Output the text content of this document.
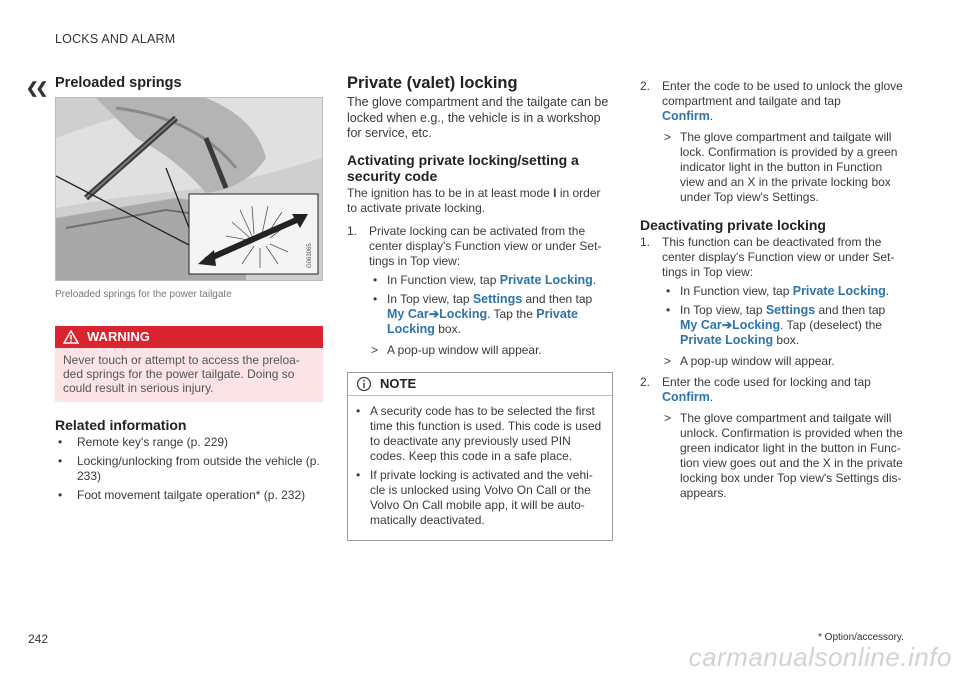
❮❮
LOCKS AND ALARM
Preloaded springs
G063065
Preloaded springs for the power tailgate
WARNING
Never touch or attempt to access the preloa-ded springs for the power tailgate. Doing so could result in serious injury.
Related information
• Remote key's range (p. 229)
• Locking/unlocking from outside the vehicle (p. 233)
• Foot movement tailgate operation* (p. 232)
Private (valet) locking

The glove compartment and the tailgate can be locked when e.g., the vehicle is in a workshop for service, etc.

Activating private locking/setting a security code

The ignition has to be in at least mode I in order to activate private locking.

1. Private locking can be activated from the center display's Function view or under Set-tings in Top view:
• In Function view, tap Private Locking.
• In Top view, tap Settings and then tap
My Car➔Locking. Tap the Private Locking box.
> A pop-up window will appear.
NOTE
• A security code has to be selected the first time this function is used. This code is used to deactivate any previously used PIN codes. Keep this code in a safe place.
• If private locking is activated and the vehi-cle is unlocked using Volvo On Call or the Volvo On Call mobile app, it will be auto-matically deactivated.
2. Enter the code to be used to unlock the glove compartment and tailgate and tap
Confirm.
> The glove compartment and tailgate will lock. Confirmation is provided by a green indicator light in the button in Function view and an X in the private locking box under Top view's Settings.
Deactivating private locking
1. This function can be deactivated from the center display's Function view or under Set-tings in Top view:
• In Function view, tap Private Locking.
• In Top view, tap Settings and then tap
My Car➔Locking. Tap (deselect) the
Private Locking box.
> A pop-up window will appear.
2. Enter the code used for locking and tap
Confirm.
> The glove compartment and tailgate will unlock. Confirmation is provided when the green indicator light in the button in Func-tion view goes out and the X in the private locking box under Top view's Settings dis-appears.
242	* Option/accessory.
carmanualsonline.info
